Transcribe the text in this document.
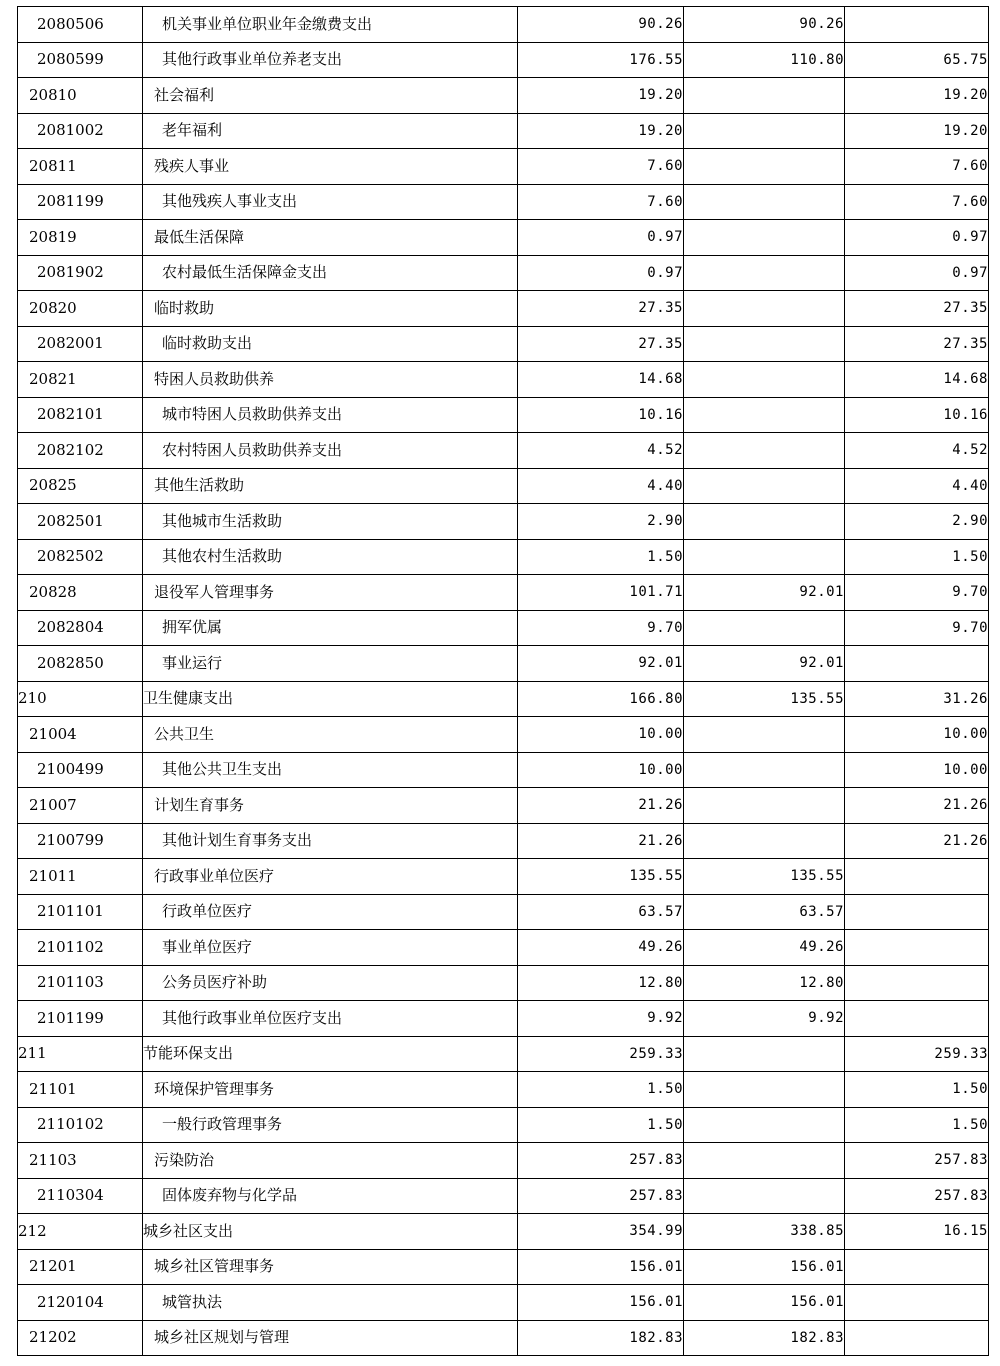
2080506	机关事业单位职业年金缴费支出	90.26	90.26	
2080599	其他行政事业单位养老支出	176.55	110.80	65.75
20810	社会福利	19.20		19.20
2081002	老年福利	19.20		19.20
20811	残疾人事业	7.60		7.60
2081199	其他残疾人事业支出	7.60		7.60
20819	最低生活保障	0.97		0.97
2081902	农村最低生活保障金支出	0.97		0.97
20820	临时救助	27.35		27.35
2082001	临时救助支出	27.35		27.35
20821	特困人员救助供养	14.68		14.68
2082101	城市特困人员救助供养支出	10.16		10.16
2082102	农村特困人员救助供养支出	4.52		4.52
20825	其他生活救助	4.40		4.40
2082501	其他城市生活救助	2.90		2.90
2082502	其他农村生活救助	1.50		1.50
20828	退役军人管理事务	101.71	92.01	9.70
2082804	拥军优属	9.70		9.70
2082850	事业运行	92.01	92.01	
210	卫生健康支出	166.80	135.55	31.26
21004	公共卫生	10.00		10.00
2100499	其他公共卫生支出	10.00		10.00
21007	计划生育事务	21.26		21.26
2100799	其他计划生育事务支出	21.26		21.26
21011	行政事业单位医疗	135.55	135.55	
2101101	行政单位医疗	63.57	63.57	
2101102	事业单位医疗	49.26	49.26	
2101103	公务员医疗补助	12.80	12.80	
2101199	其他行政事业单位医疗支出	9.92	9.92	
211	节能环保支出	259.33		259.33
21101	环境保护管理事务	1.50		1.50
2110102	一般行政管理事务	1.50		1.50
21103	污染防治	257.83		257.83
2110304	固体废弃物与化学品	257.83		257.83
212	城乡社区支出	354.99	338.85	16.15
21201	城乡社区管理事务	156.01	156.01	
2120104	城管执法	156.01	156.01	
21202	城乡社区规划与管理	182.83	182.83	
